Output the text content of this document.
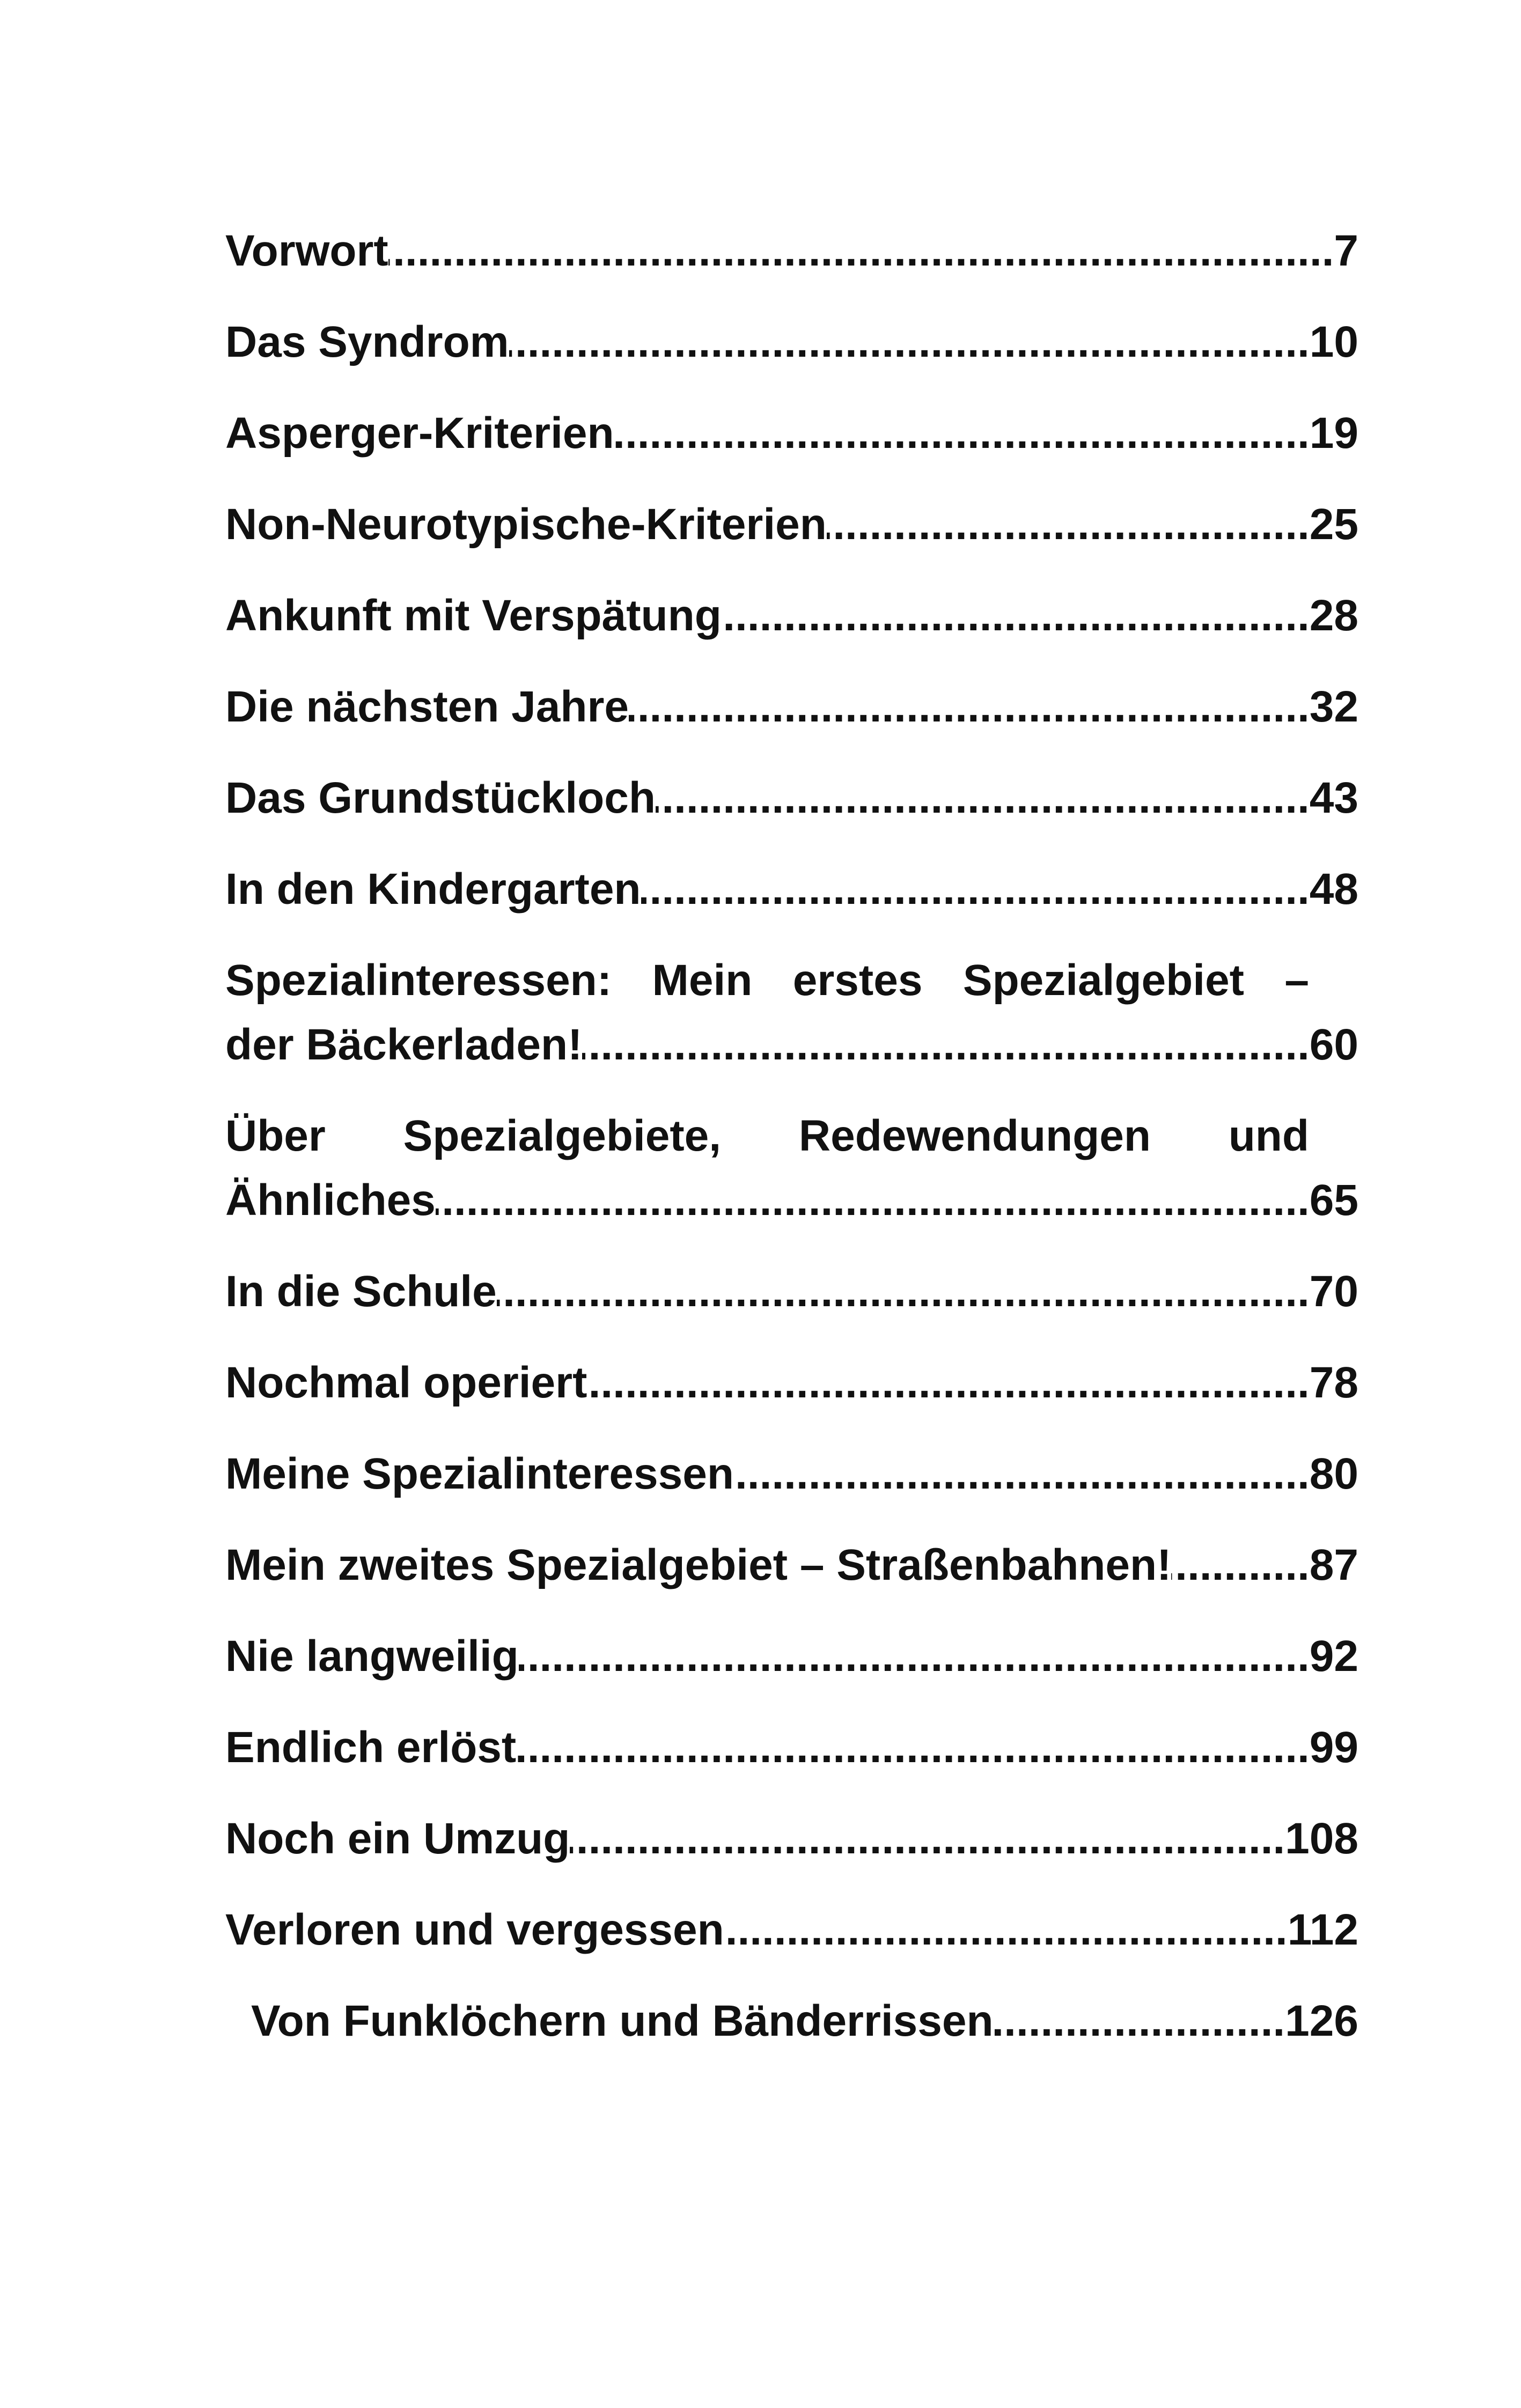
Vorwort .....	7
Das Syndrom .....	10
Asperger-Kriterien .....	19
Non-Neurotypische-Kriterien .....	25
Ankunft mit Verspätung .....	28
Die nächsten Jahre .....	32
Das Grundstückloch .....	43
In den Kindergarten .....	48
Spezialinteressen: Mein erstes Spezialgebiet –
der Bäckerladen! .....	60
Über Spezialgebiete, Redewendungen und
Ähnliches .....	65
In die Schule .....	70
Nochmal operiert .....	78
Meine Spezialinteressen .....	80
Mein zweites Spezialgebiet – Straßenbahnen! .....	87
Nie langweilig .....	92
Endlich erlöst .....	99
Noch ein Umzug .....	108
Verloren und vergessen .....	112
Von Funklöchern und Bänderrissen .....	126
